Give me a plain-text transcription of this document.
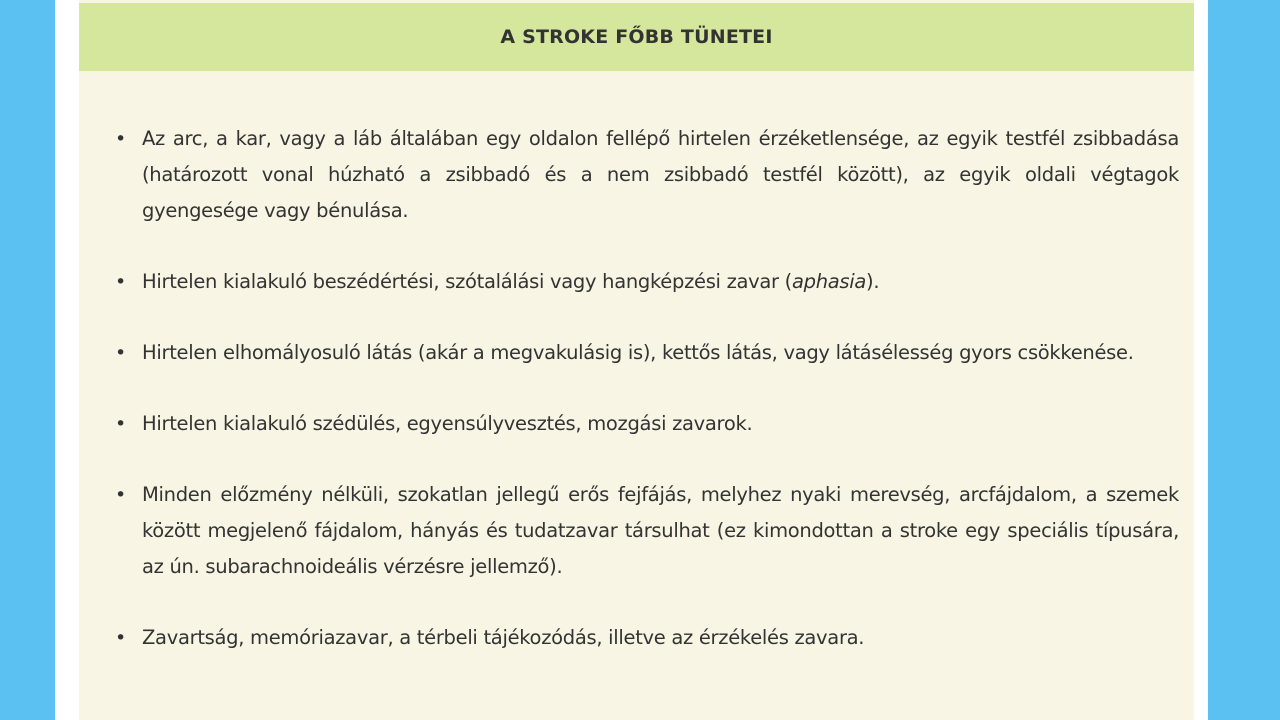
A STROKE FŐBB TÜNETEI
• Az arc, a kar, vagy a láb általában egy oldalon fellépő hirtelen érzéketlensége, az egyik testfél zsibbadása (határozott vonal húzható a zsibbadó és a nem zsibbadó testfél között), az egyik oldali végtagok gyengesége vagy bénulása.
• Hirtelen kialakuló beszédértési, szótalálási vagy hangképzési zavar (aphasia).
• Hirtelen elhomályosuló látás (akár a megvakulásig is), kettős látás, vagy látásélesség gyors csökkenése.
• Hirtelen kialakuló szédülés, egyensúlyvesztés, mozgási zavarok.
• Minden előzmény nélküli, szokatlan jellegű erős fejfájás, melyhez nyaki merevség, arcfájdalom, a szemek között megjelenő fájdalom, hányás és tudatzavar társulhat (ez kimondottan a stroke egy speciális típusára, az ún. subarachnoideális vérzésre jellemző).
• Zavartság, memóriazavar, a térbeli tájékozódás, illetve az érzékelés zavara.
